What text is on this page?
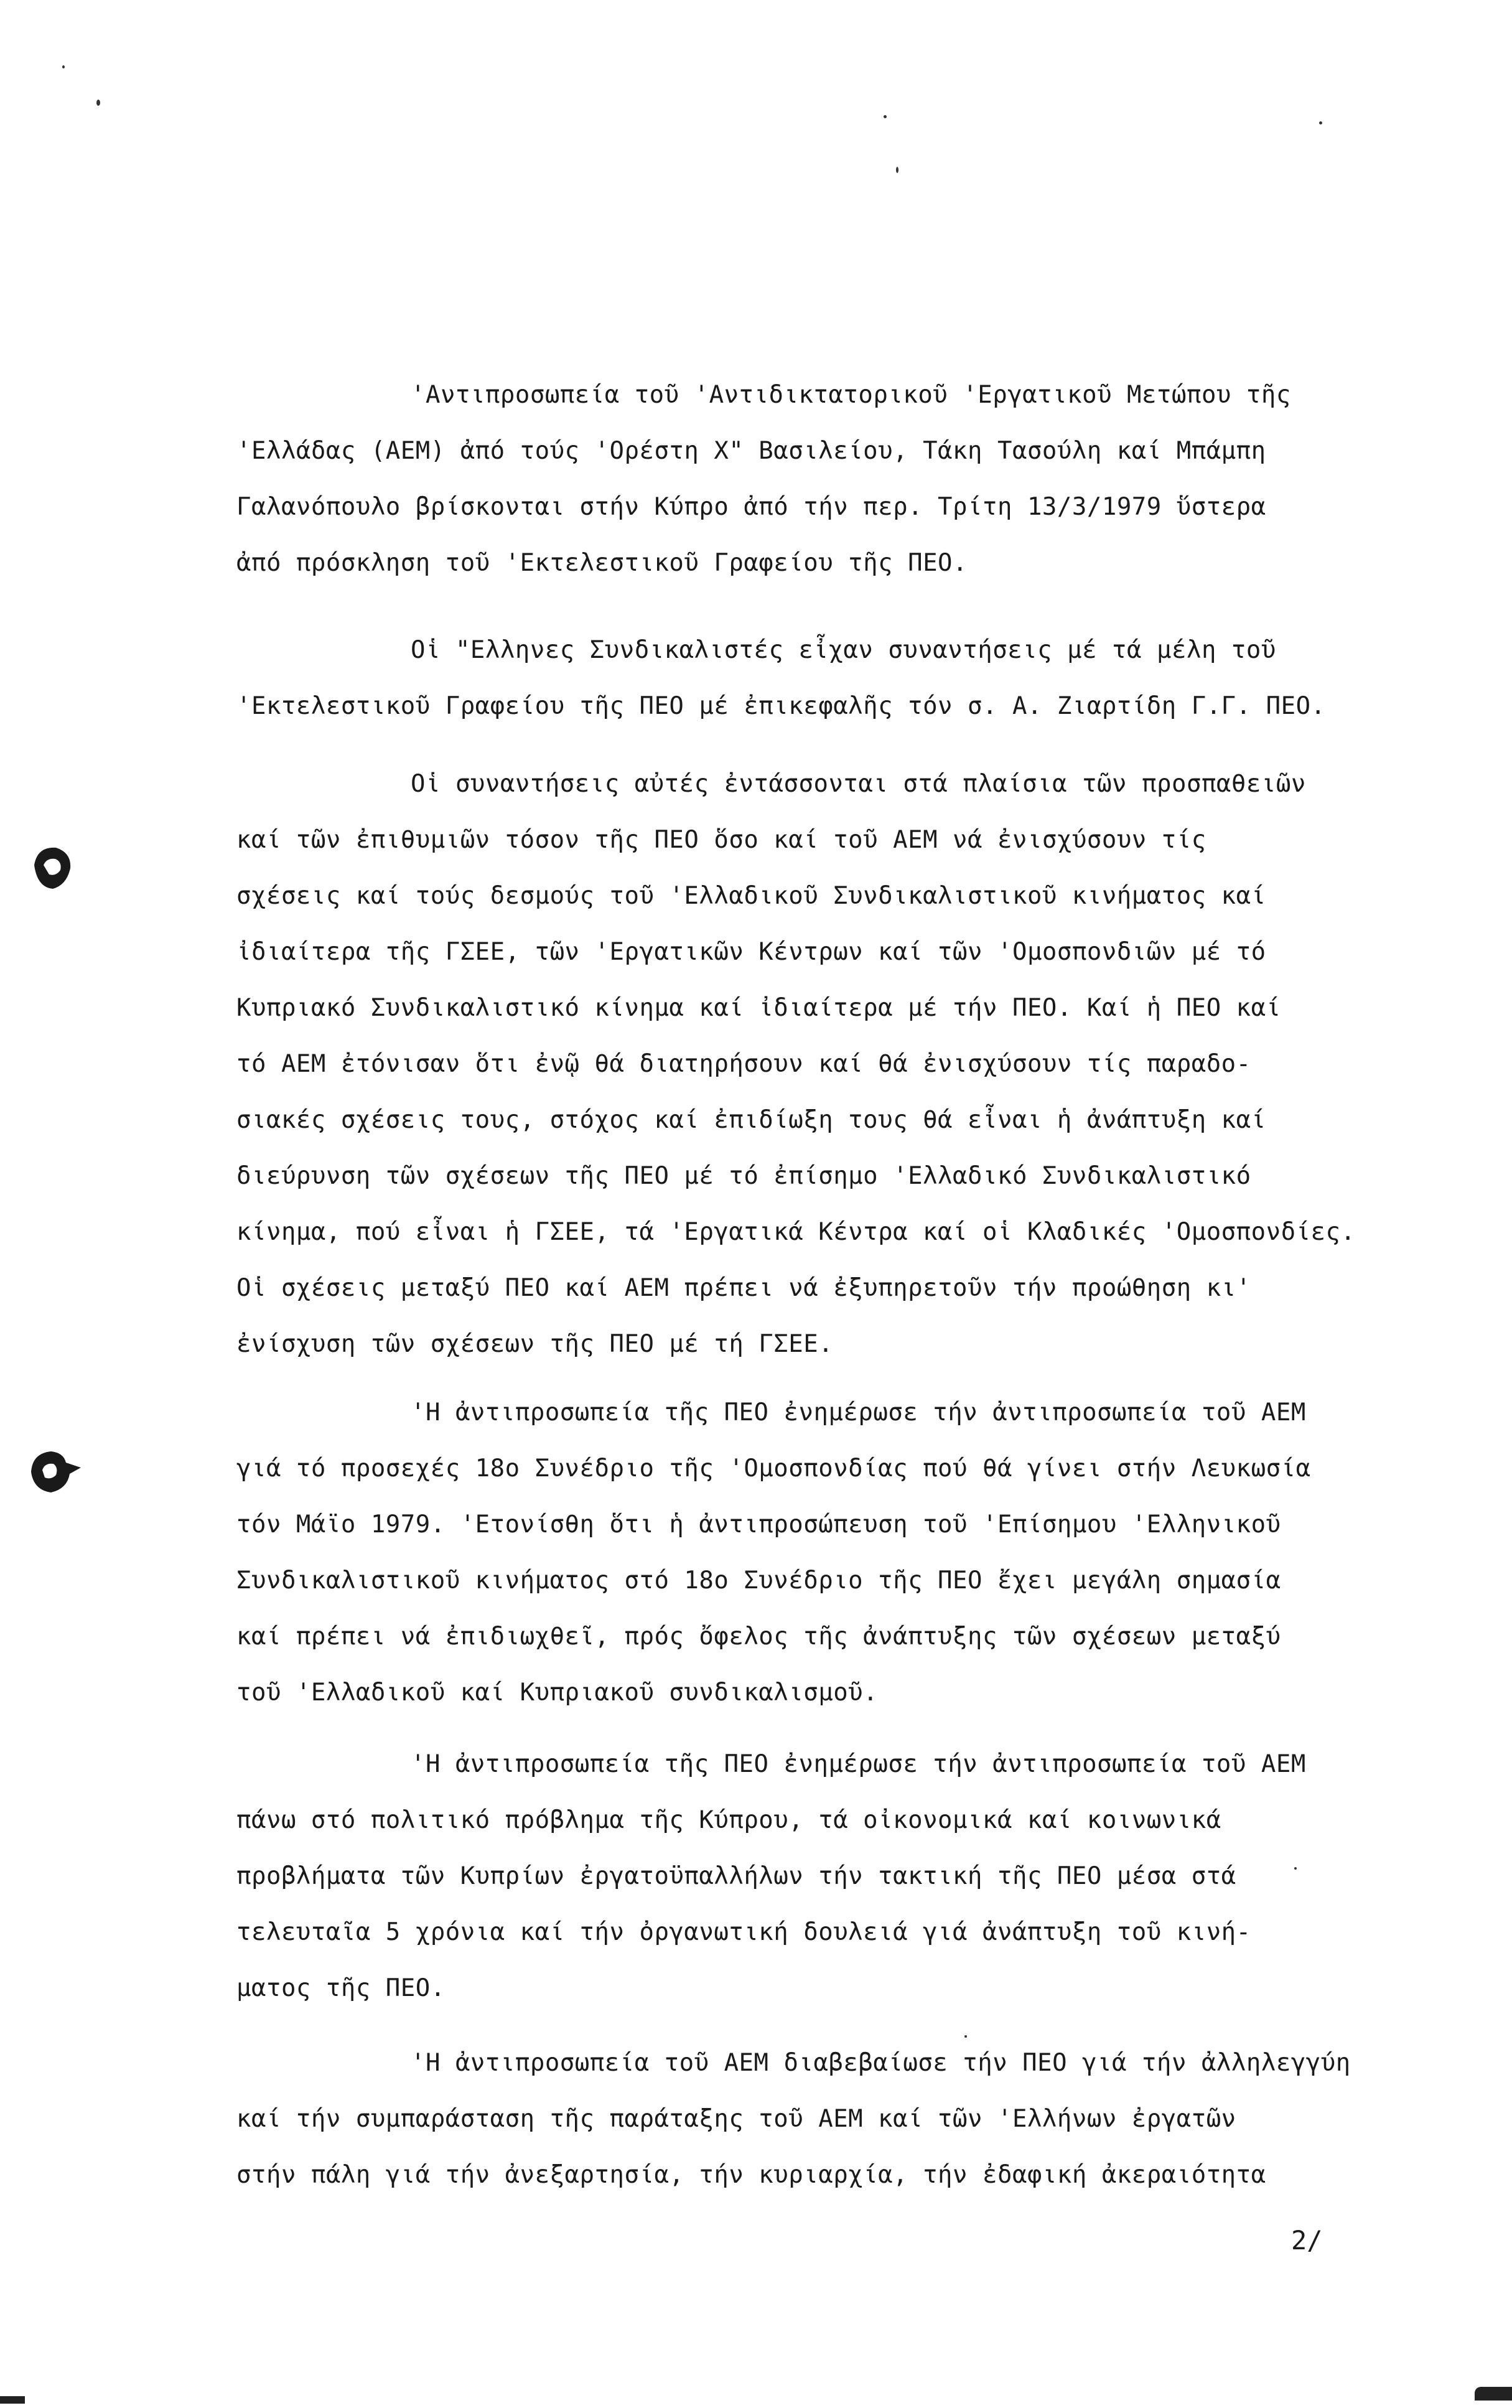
'Αντιπροσωπεία τοῦ 'Αντιδικτατορικοῦ 'Εργατικοῦ Μετώπου τῆς
'Ελλάδας (ΑΕΜ) ἀπό τούς 'Ορέστη Χ" Βασιλείου, Τάκη Τασούλη καί Μπάμπη
Γαλανόπουλο βρίσκονται στήν Κύπρο ἀπό τήν περ. Τρίτη 13/3/1979 ὕστερα
ἀπό πρόσκληση τοῦ 'Εκτελεστικοῦ Γραφείου τῆς ΠΕΟ.
Οἱ "Ελληνες Συνδικαλιστές εἶχαν συναντήσεις μέ τά μέλη τοῦ
'Εκτελεστικοῦ Γραφείου τῆς ΠΕΟ μέ ἐπικεφαλῆς τόν σ. Α. Ζιαρτίδη Γ.Γ. ΠΕΟ.
Οἱ συναντήσεις αὐτές ἐντάσσονται στά πλαίσια τῶν προσπαθειῶν
καί τῶν ἐπιθυμιῶν τόσον τῆς ΠΕΟ ὅσο καί τοῦ ΑΕΜ νά ἐνισχύσουν τίς
σχέσεις καί τούς δεσμούς τοῦ 'Ελλαδικοῦ Συνδικαλιστικοῦ κινήματος καί
ἰδιαίτερα τῆς ΓΣΕΕ, τῶν 'Εργατικῶν Κέντρων καί τῶν 'Ομοσπονδιῶν μέ τό
Κυπριακό Συνδικαλιστικό κίνημα καί ἰδιαίτερα μέ τήν ΠΕΟ. Καί ἡ ΠΕΟ καί
τό ΑΕΜ ἐτόνισαν ὅτι ἐνῷ θά διατηρήσουν καί θά ἐνισχύσουν τίς παραδο-
σιακές σχέσεις τους, στόχος καί ἐπιδίωξη τους θά εἶναι ἡ ἀνάπτυξη καί
διεύρυνση τῶν σχέσεων τῆς ΠΕΟ μέ τό ἐπίσημο 'Ελλαδικό Συνδικαλιστικό
κίνημα, πού εἶναι ἡ ΓΣΕΕ, τά 'Εργατικά Κέντρα καί οἱ Κλαδικές 'Ομοσπονδίες.
Οἱ σχέσεις μεταξύ ΠΕΟ καί ΑΕΜ πρέπει νά ἐξυπηρετοῦν τήν προώθηση κι'
ἐνίσχυση τῶν σχέσεων τῆς ΠΕΟ μέ τή ΓΣΕΕ.
'Η ἀντιπροσωπεία τῆς ΠΕΟ ἐνημέρωσε τήν ἀντιπροσωπεία τοῦ ΑΕΜ
γιά τό προσεχές 18ο Συνέδριο τῆς 'Ομοσπονδίας πού θά γίνει στήν Λευκωσία
τόν Μάϊο 1979. 'Ετονίσθη ὅτι ἡ ἀντιπροσώπευση τοῦ 'Επίσημου 'Ελληνικοῦ
Συνδικαλιστικοῦ κινήματος στό 18ο Συνέδριο τῆς ΠΕΟ ἔχει μεγάλη σημασία
καί πρέπει νά ἐπιδιωχθεῖ, πρός ὄφελος τῆς ἀνάπτυξης τῶν σχέσεων μεταξύ
τοῦ 'Ελλαδικοῦ καί Κυπριακοῦ συνδικαλισμοῦ.
'Η ἀντιπροσωπεία τῆς ΠΕΟ ἐνημέρωσε τήν ἀντιπροσωπεία τοῦ ΑΕΜ
πάνω στό πολιτικό πρόβλημα τῆς Κύπρου, τά οἰκονομικά καί κοινωνικά
προβλήματα τῶν Κυπρίων ἐργατοϋπαλλήλων τήν τακτική τῆς ΠΕΟ μέσα στά
τελευταῖα 5 χρόνια καί τήν ὀργανωτική δουλειά γιά ἀνάπτυξη τοῦ κινή-
ματος τῆς ΠΕΟ.
'Η ἀντιπροσωπεία τοῦ ΑΕΜ διαβεβαίωσε τήν ΠΕΟ γιά τήν ἀλληλεγγύη
καί τήν συμπαράσταση τῆς παράταξης τοῦ ΑΕΜ καί τῶν 'Ελλήνων ἐργατῶν
στήν πάλη γιά τήν ἀνεξαρτησία, τήν κυριαρχία, τήν ἐδαφική ἀκεραιότητα
2/
